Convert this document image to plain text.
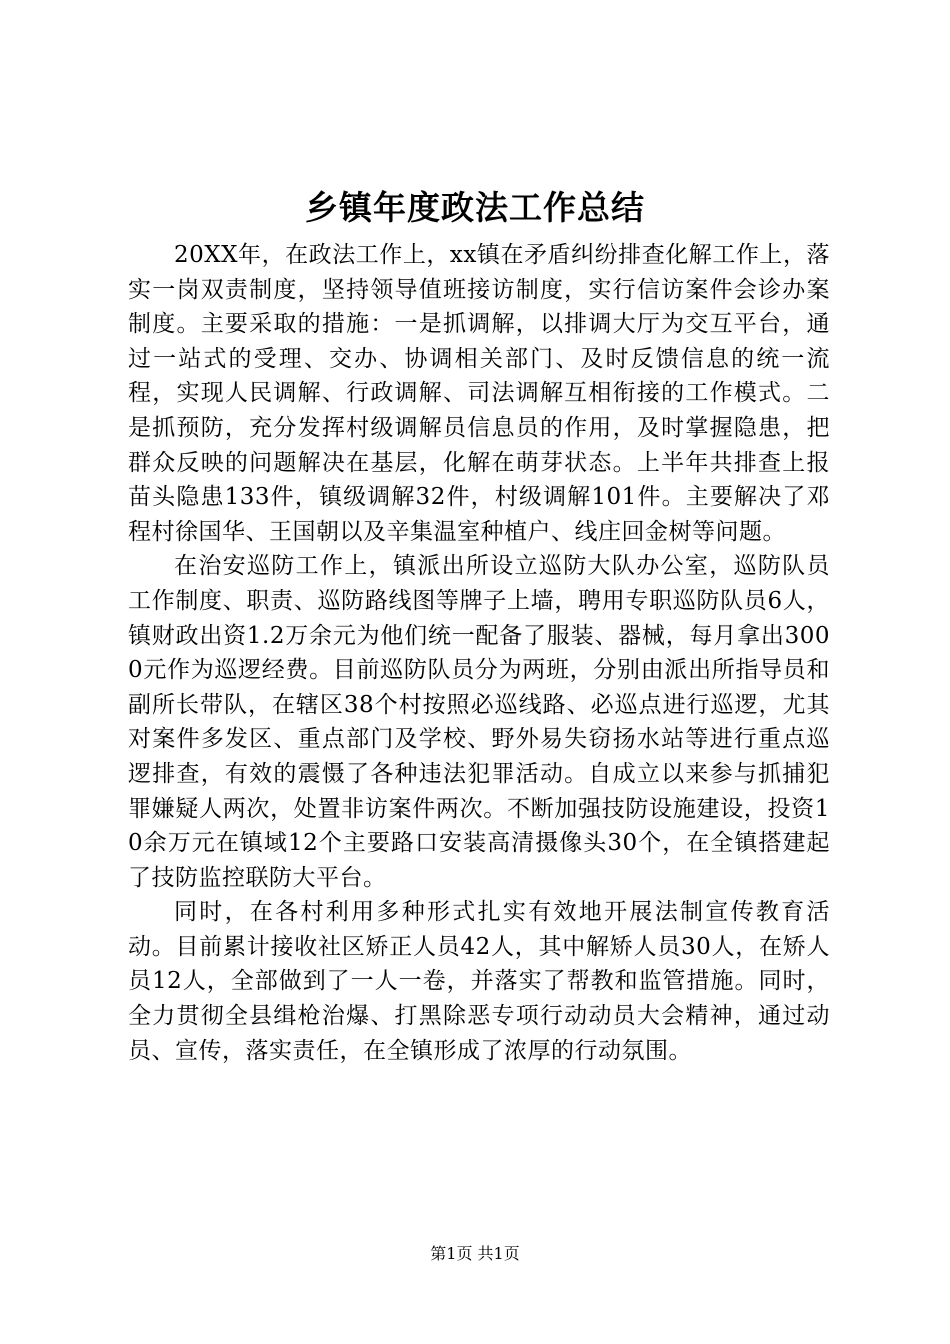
乡镇年度政法工作总结

20XX年，在政法工作上，xx镇在矛盾纠纷排查化解工作上，落实一岗双责制度，坚持领导值班接访制度，实行信访案件会诊办案制度。主要采取的措施：一是抓调解，以排调大厅为交互平台，通过一站式的受理、交办、协调相关部门、及时反馈信息的统一流程，实现人民调解、行政调解、司法调解互相衔接的工作模式。二是抓预防，充分发挥村级调解员信息员的作用，及时掌握隐患，把群众反映的问题解决在基层，化解在萌芽状态。上半年共排查上报苗头隐患133件，镇级调解32件，村级调解101件。主要解决了邓程村徐国华、王国朝以及辛集温室种植户、线庄回金树等问题。

在治安巡防工作上，镇派出所设立巡防大队办公室，巡防队员工作制度、职责、巡防路线图等牌子上墙，聘用专职巡防队员6人，镇财政出资1.2万余元为他们统一配备了服装、器械，每月拿出3000元作为巡逻经费。目前巡防队员分为两班，分别由派出所指导员和副所长带队，在辖区38个村按照必巡线路、必巡点进行巡逻，尤其对案件多发区、重点部门及学校、野外易失窃扬水站等进行重点巡逻排查，有效的震慑了各种违法犯罪活动。自成立以来参与抓捕犯罪嫌疑人两次，处置非访案件两次。不断加强技防设施建设，投资10余万元在镇域12个主要路口安装高清摄像头30个，在全镇搭建起了技防监控联防大平台。

同时，在各村利用多种形式扎实有效地开展法制宣传教育活动。目前累计接收社区矫正人员42人，其中解矫人员30人，在矫人员12人，全部做到了一人一卷，并落实了帮教和监管措施。同时，全力贯彻全县缉枪治爆、打黑除恶专项行动动员大会精神，通过动员、宣传，落实责任，在全镇形成了浓厚的行动氛围。

第1页 共1页
